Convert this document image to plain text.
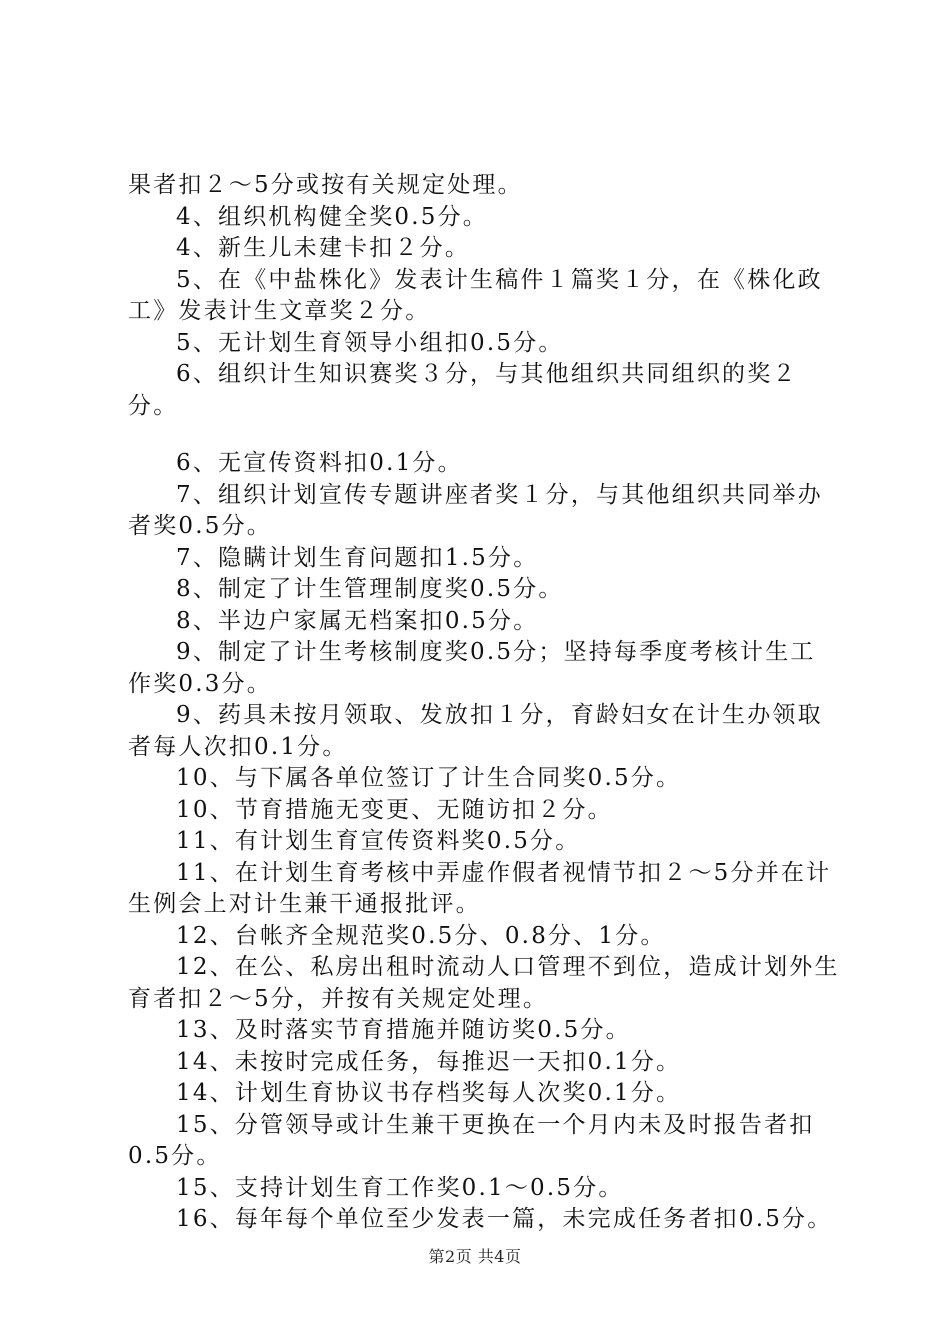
果者扣２～5分或按有关规定处理。

4、组织机构健全奖0.5分。

4、新生儿未建卡扣２分。

5、在《中盐株化》发表计生稿件１篇奖１分，在《株化政工》发表计生文章奖２分。

5、无计划生育领导小组扣0.5分。

6、组织计生知识赛奖３分，与其他组织共同组织的奖２分。

6、无宣传资料扣0.1分。

7、组织计划宣传专题讲座者奖１分，与其他组织共同举办者奖0.5分。

7、隐瞒计划生育问题扣1.5分。

8、制定了计生管理制度奖0.5分。

8、半边户家属无档案扣0.5分。

9、制定了计生考核制度奖0.5分；坚持每季度考核计生工作奖0.3分。

9、药具未按月领取、发放扣１分，育龄妇女在计生办领取者每人次扣0.1分。

10、与下属各单位签订了计生合同奖0.5分。

10、节育措施无变更、无随访扣２分。

11、有计划生育宣传资料奖0.5分。

11、在计划生育考核中弄虚作假者视情节扣２～5分并在计生例会上对计生兼干通报批评。

12、台帐齐全规范奖0.5分、0.8分、1分。

12、在公、私房出租时流动人口管理不到位，造成计划外生育者扣２～5分，并按有关规定处理。

13、及时落实节育措施并随访奖0.5分。

14、未按时完成任务，每推迟一天扣0.1分。

14、计划生育协议书存档奖每人次奖0.1分。

15、分管领导或计生兼干更换在一个月内未及时报告者扣0.5分。

15、支持计划生育工作奖0.1～0.5分。

16、每年每个单位至少发表一篇，未完成任务者扣0.5分。

第2页 共4页
